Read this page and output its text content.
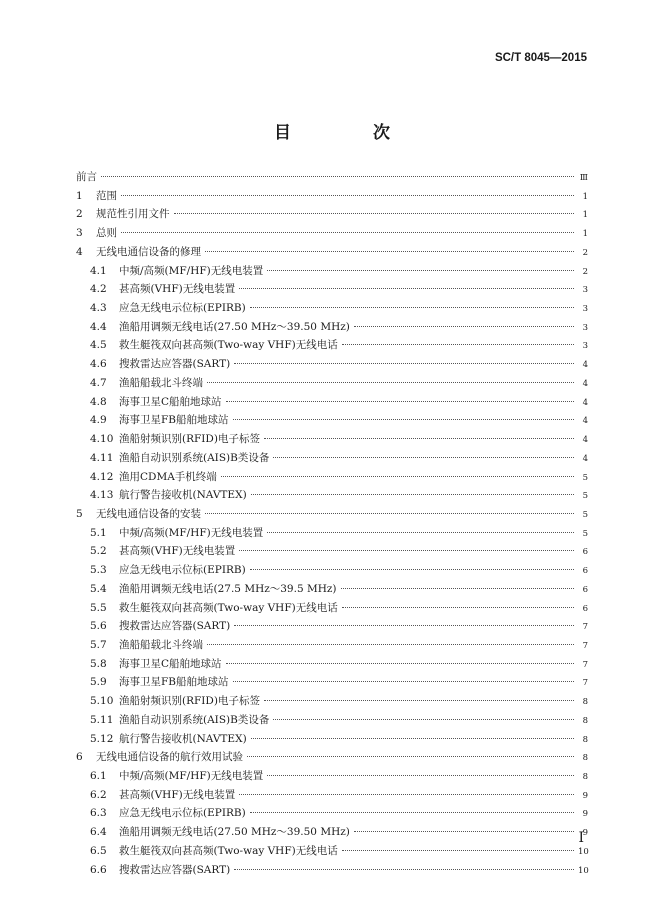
SC/T 8045—2015
目 次
前言	Ⅲ
1	范围	1
2	规范性引用文件	1
3	总则	1
4	无线电通信设备的修理	2
4.1	中频/高频(MF/HF)无线电装置	2
4.2	甚高频(VHF)无线电装置	3
4.3	应急无线电示位标(EPIRB)	3
4.4	渔船用调频无线电话(27.50 MHz～39.50 MHz)	3
4.5	救生艇筏双向甚高频(Two-way VHF)无线电话	3
4.6	搜救雷达应答器(SART)	4
4.7	渔船船载北斗终端	4
4.8	海事卫星C船舶地球站	4
4.9	海事卫星FB船舶地球站	4
4.10 渔船射频识别(RFID)电子标签	4
4.11 渔船自动识别系统(AIS)B类设备	4
4.12 渔用CDMA手机终端	5
4.13 航行警告接收机(NAVTEX)	5
5	无线电通信设备的安装	5
5.1	中频/高频(MF/HF)无线电装置	5
5.2	甚高频(VHF)无线电装置	6
5.3	应急无线电示位标(EPIRB)	6
5.4	渔船用调频无线电话(27.5 MHz～39.5 MHz)	6
5.5	救生艇筏双向甚高频(Two-way VHF)无线电话	6
5.6	搜救雷达应答器(SART)	7
5.7	渔船船载北斗终端	7
5.8	海事卫星C船舶地球站	7
5.9	海事卫星FB船舶地球站	7
5.10 渔船射频识别(RFID)电子标签	8
5.11 渔船自动识别系统(AIS)B类设备	8
5.12 航行警告接收机(NAVTEX)	8
6	无线电通信设备的航行效用试验	8
6.1	中频/高频(MF/HF)无线电装置	8
6.2	甚高频(VHF)无线电装置	9
6.3	应急无线电示位标(EPIRB)	9
6.4	渔船用调频无线电话(27.50 MHz～39.50 MHz)	9
6.5	救生艇筏双向甚高频(Two-way VHF)无线电话	10
6.6	搜救雷达应答器(SART)	10
Ⅰ
